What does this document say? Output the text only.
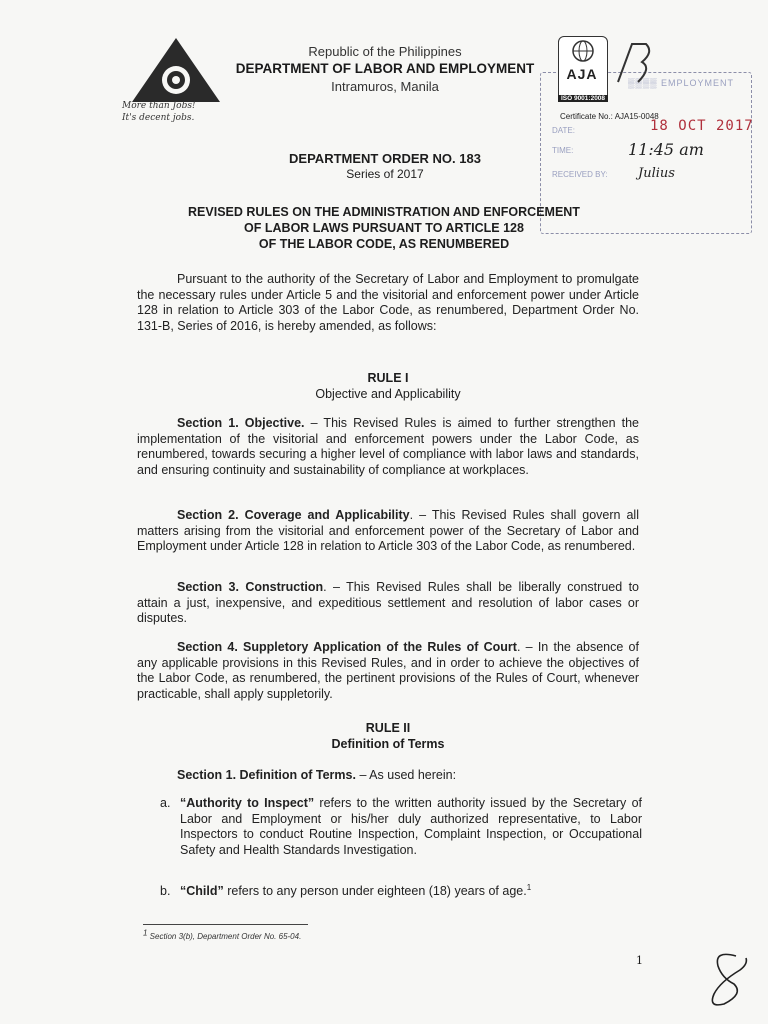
More than Jobs!
It's decent jobs.
Republic of the Philippines
DEPARTMENT OF LABOR AND EMPLOYMENT
Intramuros, Manila	▒▒▒▒ EMPLOYMENT
AJA
ISO 9001:2008
Certificate No.: AJA15-0048
DATE:	18 OCT 2017
TIME:	11:45 am
RECEIVED BY: Julius
DEPARTMENT ORDER NO. 183
Series of 2017
REVISED RULES ON THE ADMINISTRATION AND ENFORCEMENT
OF LABOR LAWS PURSUANT TO ARTICLE 128
OF THE LABOR CODE, AS RENUMBERED
Pursuant to the authority of the Secretary of Labor and Employment to promulgate the necessary rules under Article 5 and the visitorial and enforcement power under Article 128 in relation to Article 303 of the Labor Code, as renumbered, Department Order No. 131-B, Series of 2016, is hereby amended, as follows:
RULE I
Objective and Applicability
Section 1. Objective. – This Revised Rules is aimed to further strengthen the implementation of the visitorial and enforcement powers under the Labor Code, as renumbered, towards securing a higher level of compliance with labor laws and standards, and ensuring continuity and sustainability of compliance at workplaces.
Section 2. Coverage and Applicability. – This Revised Rules shall govern all matters arising from the visitorial and enforcement power of the Secretary of Labor and Employment under Article 128 in relation to Article 303 of the Labor Code, as renumbered.
Section 3. Construction. – This Revised Rules shall be liberally construed to attain a just, inexpensive, and expeditious settlement and resolution of labor cases or disputes.
Section 4. Suppletory Application of the Rules of Court. – In the absence of any applicable provisions in this Revised Rules, and in order to achieve the objectives of the Labor Code, as renumbered, the pertinent provisions of the Rules of Court, whenever practicable, shall apply suppletorily.
RULE II
Definition of Terms
Section 1. Definition of Terms. – As used herein:
a. “Authority to Inspect” refers to the written authority issued by the Secretary of Labor and Employment or his/her duly authorized representative, to Labor Inspectors to conduct Routine Inspection, Complaint Inspection, or Occupational Safety and Health Standards Investigation.
b. “Child” refers to any person under eighteen (18) years of age.$^1$
$^1$ Section 3(b), Department Order No. 65-04.
1
